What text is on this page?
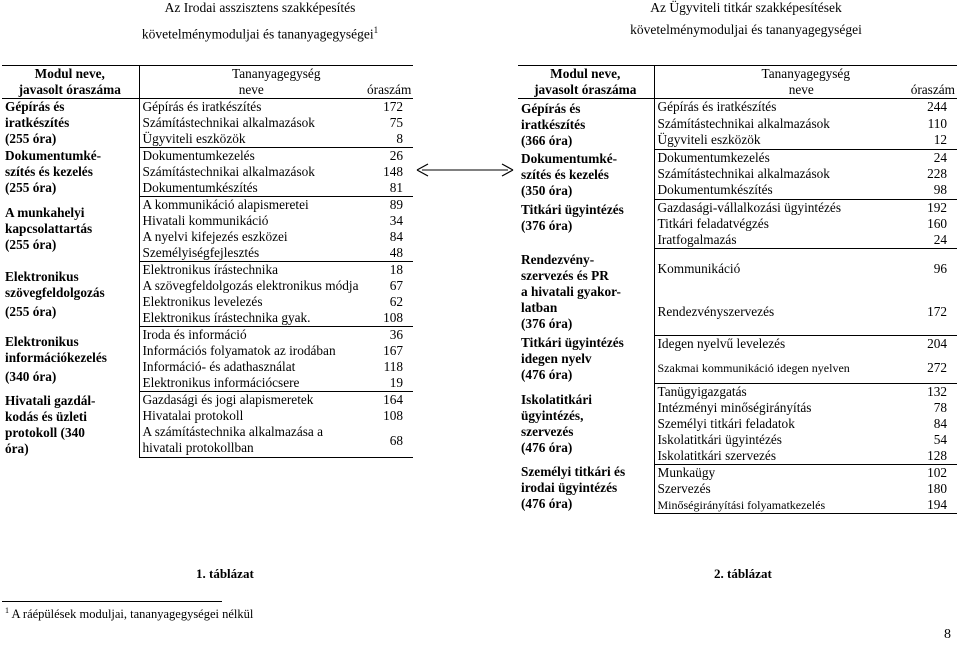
Az Irodai asszisztens szakképesítés
követelménymoduljai és tananyagegységei$^1$
Az Ügyviteli titkár szakképesítések
követelménymoduljai és tananyagegységei
Modul neve,	Tananyagegység	
javasolt óraszáma	neve	óraszám

Gépírás és
iratkészítés
(255 óra)	Gépírás és iratkészítés	172
	Számítástechnikai alkalmazások	75
	Ügyviteli eszközök	8

Dokumentumké-
szítés és kezelés
(255 óra)	Dokumentumkezelés	26
	Számítástechnikai alkalmazások	148
	Dokumentumkészítés	81

A munkahelyi
kapcsolattartás
(255 óra)	A kommunikáció alapismeretei	89
	Hivatali kommunikáció	34
	A nyelvi kifejezés eszközei	84
	Személyiségfejlesztés	48

Elektronikus
szövegfeldolgozás
(255 óra)	Elektronikus írástechnika	18
	A szövegfeldolgozás elektronikus módja	67
	Elektronikus levelezés	62
	Elektronikus írástechnika gyak.	108

Elektronikus
információkezelés
(340 óra)	Iroda és információ	36
	Információs folyamatok az irodában	167
	Információ- és adathasználat	118
	Elektronikus információcsere	19

Hivatali gazdál-
kodás és üzleti
protokoll (340
óra)	Gazdasági és jogi alapismeretek	164
	Hivatalai protokoll	108
	A számítástechnika alkalmazása a hivatali protokollban	68
Modul neve,	Tananyagegység	
javasolt óraszáma	neve	óraszám

Gépírás és
iratkészítés
(366 óra)	Gépírás és iratkészítés	244
	Számítástechnikai alkalmazások	110
	Ügyviteli eszközök	12

Dokumentumké-
szítés és kezelés
(350 óra)	Dokumentumkezelés	24
	Számítástechnikai alkalmazások	228
	Dokumentumkészítés	98

Titkári ügyintézés
(376 óra)	Gazdasági-vállalkozási ügyintézés	192
	Titkári feladatvégzés	160
	Iratfogalmazás	24

Rendezvény-
szervezés és PR
a hivatali gyakor-
latban
(376 óra)	Kommunikáció	96
	Rendezvényszervezés	172

Titkári ügyintézés
idegen nyelv
(476 óra)	Idegen nyelvű levelezés	204
	Szakmai kommunikáció idegen nyelven	272

Iskolatitkári
ügyintézés,
szervezés
(476 óra)	Tanügyigazgatás	132
	Intézményi minőségirányítás	78
	Személyi titkári feladatok	84
	Iskolatitkári ügyintézés	54
	Iskolatitkári szervezés	128

Személyi titkári és
irodai ügyintézés
(476 óra)	Munkaügy	102
	Szervezés	180
	Minőségirányítási folyamatkezelés	194
1. táblázat	2. táblázat
$^1$ A ráépülések moduljai, tananyagegységei nélkül
8
